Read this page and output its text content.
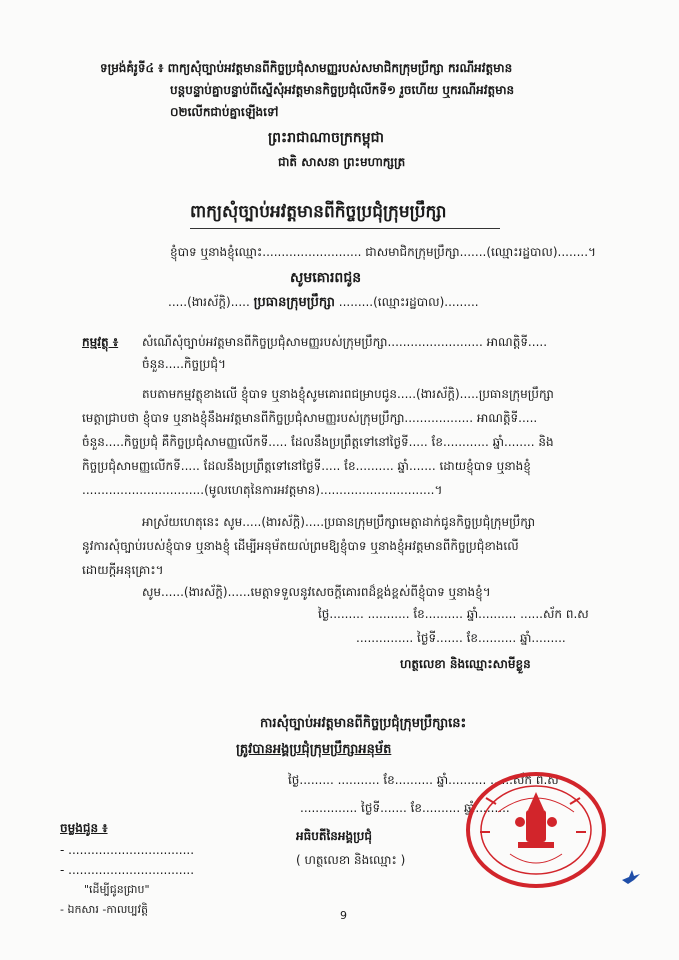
ទម្រង់គំរូទី៤ ៖ ពាក្យសុំច្បាប់អវត្តមានពីកិច្ចប្រជុំសាមញ្ញរបស់សមាជិកក្រុមប្រឹក្សា ករណីអវត្តមាន
បន្តបន្ទាប់គ្នាបន្ទាប់ពីស្នើសុំអវត្តមានកិច្ចប្រជុំលើកទី១ រួចហើយ ឬករណីអវត្តមាន
០២លើកជាប់គ្នាឡើងទៅ
ព្រះរាជាណាចក្រកម្ពុជា
ជាតិ សាសនា ព្រះមហាក្សត្រ
ពាក្យសុំច្បាប់អវត្តមានពីកិច្ចប្រជុំក្រុមប្រឹក្សា
ខ្ញុំបាទ ឬនាងខ្ញុំឈ្មោះ.......................... ជាសមាជិកក្រុមប្រឹក្សា.......(ឈ្មោះរដ្ឋបាល)........។
សូមគោរពជូន
.....(ងារស័ក្តិ)..... ប្រធានក្រុមប្រឹក្សា .........(ឈ្មោះរដ្ឋបាល).........
កម្មវត្ថុ ៖ សំណើសុំច្បាប់អវត្តមានពីកិច្ចប្រជុំសាមញ្ញរបស់ក្រុមប្រឹក្សា......................... អាណត្តិទី.....
ចំនួន.....កិច្ចប្រជុំ។
តបតាមកម្មវត្ថុខាងលើ ខ្ញុំបាទ ឬនាងខ្ញុំសូមគោរពជម្រាបជូន.....(ងារស័ក្តិ).....ប្រធានក្រុមប្រឹក្សា
មេត្តាជ្រាបថា ខ្ញុំបាទ ឬនាងខ្ញុំនឹងអវត្តមានពីកិច្ចប្រជុំសាមញ្ញរបស់ក្រុមប្រឹក្សា.................. អាណត្តិទី.....
ចំនួន.....កិច្ចប្រជុំ គឺកិច្ចប្រជុំសាមញ្ញលើកទី..... ដែលនឹងប្រព្រឹត្តទៅនៅថ្ងៃទី..... ខែ............ ឆ្នាំ........ និង
កិច្ចប្រជុំសាមញ្ញលើកទី..... ដែលនឹងប្រព្រឹត្តទៅនៅថ្ងៃទី..... ខែ.......... ឆ្នាំ....... ដោយខ្ញុំបាទ ឬនាងខ្ញុំ
................................(មូលហេតុនៃការអវត្តមាន)..............................។
អាស្រ័យហេតុនេះ សូម.....(ងារស័ក្តិ).....ប្រធានក្រុមប្រឹក្សាមេត្តាដាក់ជូនកិច្ចប្រជុំក្រុមប្រឹក្សា
នូវការសុំច្បាប់របស់ខ្ញុំបាទ ឬនាងខ្ញុំ ដើម្បីអនុម័តយល់ព្រមឱ្យខ្ញុំបាទ ឬនាងខ្ញុំអវត្តមានពីកិច្ចប្រជុំខាងលើ
ដោយក្តីអនុគ្រោះ។
សូម......(ងារស័ក្តិ)......មេត្តាទទួលនូវសេចក្តីគោរពដ៏ខ្ពង់ខ្ពស់ពីខ្ញុំបាទ ឬនាងខ្ញុំ។
ថ្ងៃ......... ........... ខែ.......... ឆ្នាំ.......... ......ស័ក ព.ស
............... ថ្ងៃទី....... ខែ.......... ឆ្នាំ.........
ហត្ថលេខា និងឈ្មោះសាមីខ្លួន
ការសុំច្បាប់អវត្តមានពីកិច្ចប្រជុំក្រុមប្រឹក្សានេះ
ត្រូវបានអង្គប្រជុំក្រុមប្រឹក្សាអនុម័ត
ថ្ងៃ......... ........... ខែ.......... ឆ្នាំ.......... ......ស័ក ព.ស
............... ថ្ងៃទី....... ខែ.......... ឆ្នាំ.........
អធិបតីនៃអង្គប្រជុំ
( ហត្ថលេខា និងឈ្មោះ )
ចម្លងជូន ៖
- .................................
- .................................
"ដើម្បីជូនជ្រាប"
- ឯកសារ -កាលប្បវត្តិ	9
